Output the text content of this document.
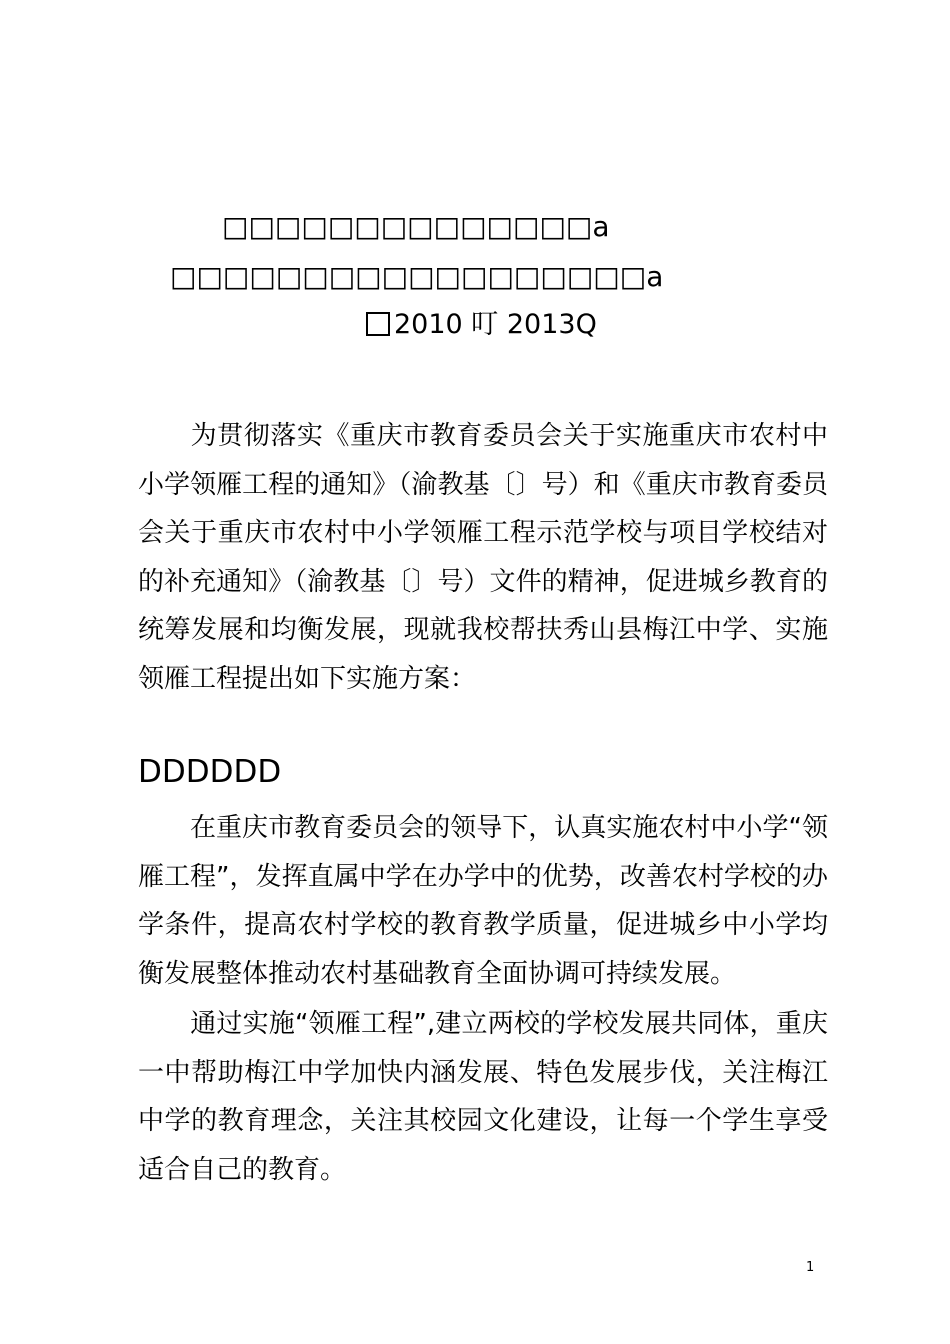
□□□□□□□□□□□□□□a
□□□□□□□□□□□□□□□□□□a
2010 叮 2013Q
为贯彻落实《重庆市教育委员会关于实施重庆市农村中小学领雁工程的通知》（渝教基〔〕号）和《重庆市教育委员会关于重庆市农村中小学领雁工程示范学校与项目学校结对的补充通知》（渝教基〔〕号）文件的精神，促进城乡教育的统筹发展和均衡发展，现就我校帮扶秀山县梅江中学、实施领雁工程提出如下实施方案：
DDDDDD
在重庆市教育委员会的领导下，认真实施农村中小学“领雁工程”，发挥直属中学在办学中的优势，改善农村学校的办学条件，提高农村学校的教育教学质量，促进城乡中小学均衡发展整体推动农村基础教育全面协调可持续发展。
通过实施“领雁工程”,建立两校的学校发展共同体，重庆一中帮助梅江中学加快内涵发展、特色发展步伐，关注梅江中学的教育理念，关注其校园文化建设，让每一个学生享受适合自己的教育。
1
